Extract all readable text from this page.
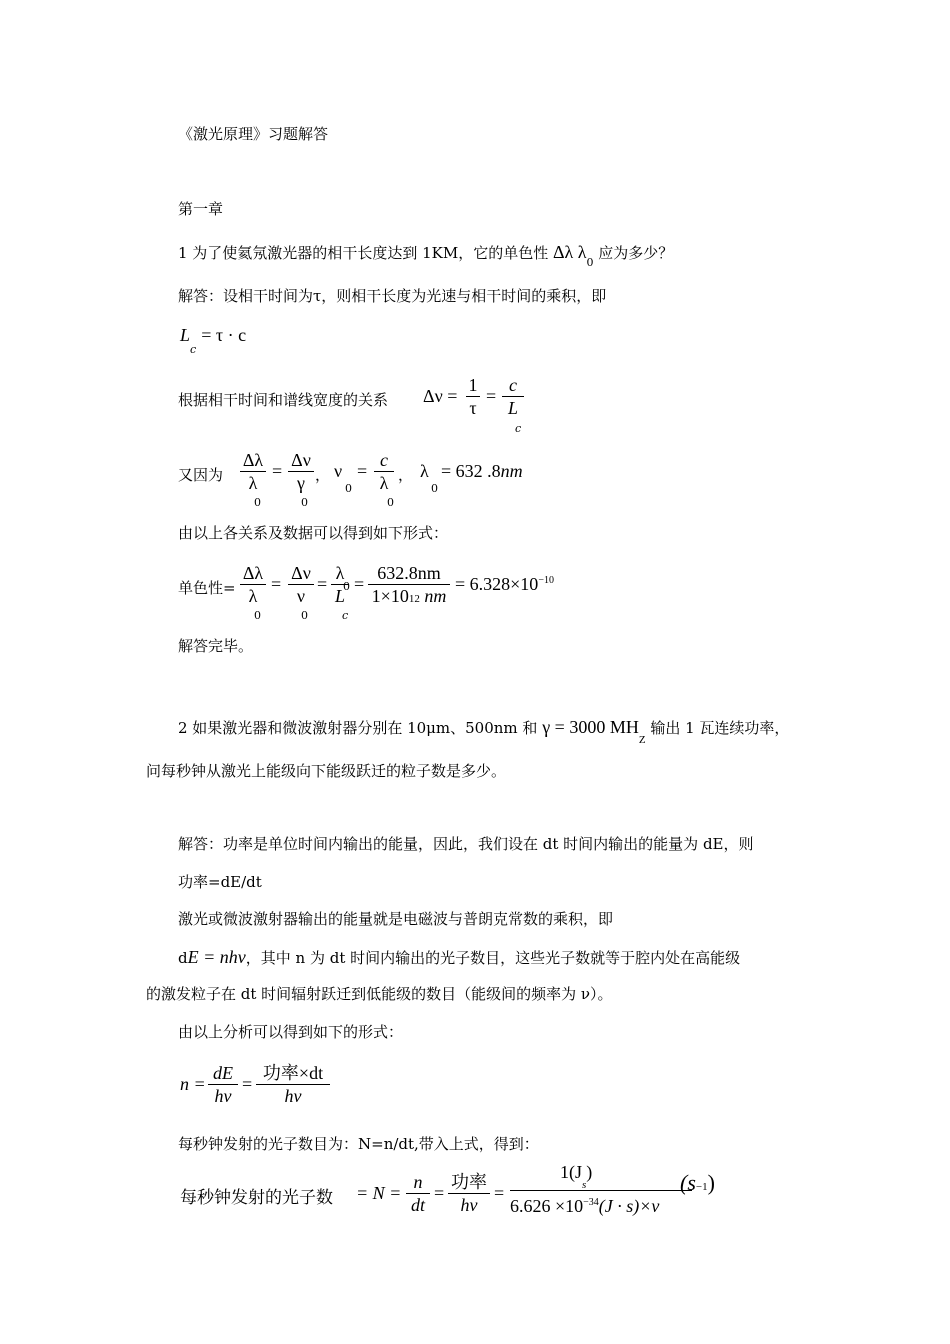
《激光原理》习题解答
第一章
1 为了使氦氖激光器的相干长度达到 1KM，它的单色性 Δλ $\lambda_0$ 应为多少？
解答：设相干时间为τ，则相干长度为光速与相干时间的乘积，即
$L_c = \tau \cdot c$
根据相干时间和谱线宽度的关系 Δν =
1
τ
=
c
L
c
又因为
Δλ
λ
0
=
Δν
γ
0
， ν
0
=
c
λ
0
， λ
0
= 632 .8nm
由以上各关系及数据可以得到如下形式：
单色性=
Δλ
λ
0
=
Δν
ν
0
=
λ
L
0
c
=
632.8nm
1×1012 nm
= $6.328\times 10^{-10}$
解答完毕。
2 如果激光器和微波激射器分别在 10μm、500nm 和 γ = 3000 $MH_Z$ 输出 1 瓦连续功率，
问每秒钟从激光上能级向下能级跃迁的粒子数是多少。
解答：功率是单位时间内输出的能量，因此，我们设在 dt 时间内输出的能量为 dE，则
功率=dE/dt
激光或微波激射器输出的能量就是电磁波与普朗克常数的乘积，即
dE = nhν，其中 n 为 dt 时间内输出的光子数目，这些光子数就等于腔内处在高能级
的激发粒子在 dt 时间辐射跃迁到低能级的数目（能级间的频率为 ν）。
由以上分析可以得到如下的形式：
n =
dE
hν
=
功率×dt
hν
每秒钟发射的光子数目为：N=n/dt,带入上式，得到：
每秒钟发射的光子数 = N =
n
dt
=
功率
hν
=
$1(J_s)$
$6.626 \times 10^{-34}(J \cdot s)\times\nu$
(s−1)
